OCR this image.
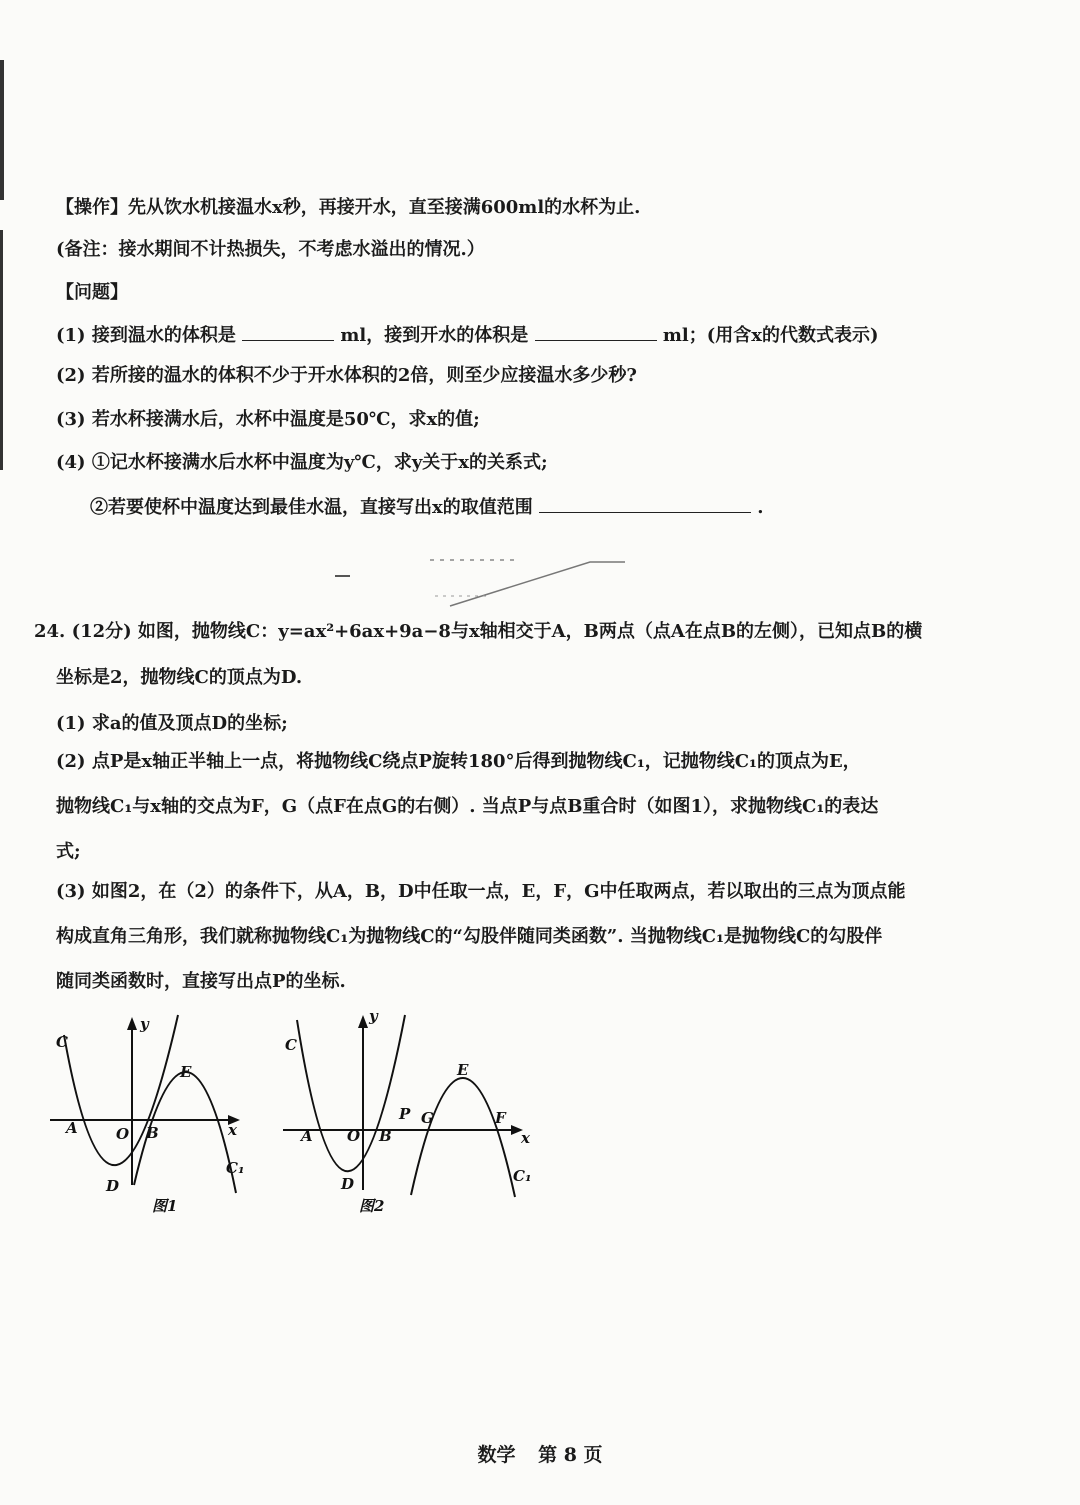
【操作】先从饮水机接温水x秒，再接开水，直至接满600ml的水杯为止.
(备注：接水期间不计热损失，不考虑水溢出的情况.）
【问题】
(1) 接到温水的体积是	ml，接到开水的体积是	ml；(用含x的代数式表示)
(2) 若所接的温水的体积不少于开水体积的2倍，则至少应接温水多少秒?
(3) 若水杯接满水后，水杯中温度是50℃，求x的值;
(4) ①记水杯接满水后水杯中温度为y℃，求y关于x的关系式;
②若要使杯中温度达到最佳水温，直接写出x的取值范围	.
24. (12分) 如图，抛物线C：y=ax²+6ax+9a−8与x轴相交于A，B两点（点A在点B的左侧），已知点B的横
坐标是2，抛物线C的顶点为D.
(1) 求a的值及顶点D的坐标;
(2) 点P是x轴正半轴上一点，将抛物线C绕点P旋转180°后得到抛物线C₁，记抛物线C₁的顶点为E，
抛物线C₁与x轴的交点为F，G（点F在点G的右侧）. 当点P与点B重合时（如图1），求抛物线C₁的表达
式;
(3) 如图2，在（2）的条件下，从A，B，D中任取一点，E，F，G中任取两点，若以取出的三点为顶点能
构成直角三角形，我们就称抛物线C₁为抛物线C的“勾股伴随同类函数”. 当抛物线C₁是抛物线C的勾股伴
随同类函数时，直接写出点P的坐标.
C
y
E
A	O B	x
D
C₁
图1
C
y
E
A O B
P G	F
x
D	C₁
图2
数学 第 8 页
